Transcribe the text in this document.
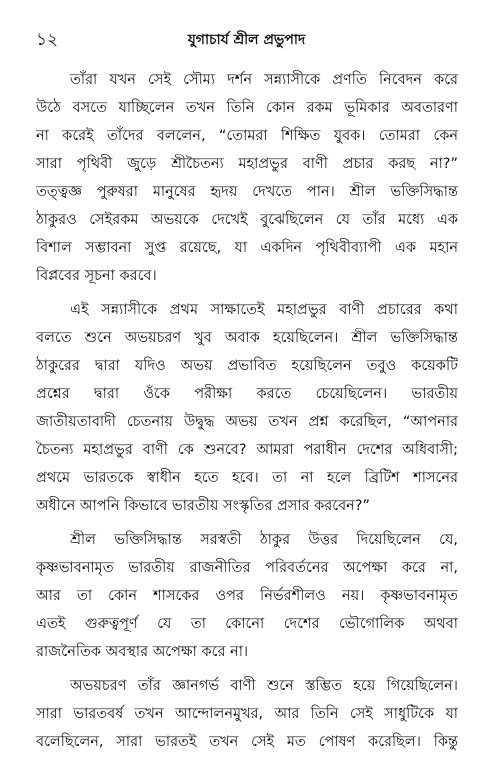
১২	যুগাচার্য শ্রীল প্রভুপাদ
তাঁরা যখন সেই সৌম্য দর্শন সন্ন্যাসীকে প্রণতি নিবেদন করে
উঠে বসতে যাচ্ছিলেন তখন তিনি কোন রকম ভূমিকার অবতারণা
না করেই তাঁদের বললেন, “তোমরা শিক্ষিত যুবক। তোমরা কেন
সারা পৃথিবী জুড়ে শ্রীচৈতন্য মহাপ্রভুর বাণী প্রচার করছ না?”
তত্ত্বজ্ঞ পুরুষরা মানুষের হৃদয় দেখতে পান। শ্রীল ভক্তিসিদ্ধান্ত
ঠাকুরও সেইরকম অভয়কে দেখেই বুঝেছিলেন যে তাঁর মধ্যে এক
বিশাল সম্ভাবনা সুপ্ত রয়েছে, যা একদিন পৃথিবীব্যাপী এক মহান
বিপ্লবের সূচনা করবে।
এই সন্ন্যাসীকে প্রথম সাক্ষাতেই মহাপ্রভুর বাণী প্রচারের কথা
বলতে শুনে অভয়চরণ খুব অবাক হয়েছিলেন। শ্রীল ভক্তিসিদ্ধান্ত
ঠাকুরের দ্বারা যদিও অভয় প্রভাবিত হয়েছিলেন তবুও কয়েকটি
প্রশ্নের দ্বারা ওঁকে পরীক্ষা করতে চেয়েছিলেন। ভারতীয়
জাতীয়তাবাদী চেতনায় উদ্বুদ্ধ অভয় তখন প্রশ্ন করেছিল, “আপনার
চৈতন্য মহাপ্রভুর বাণী কে শুনবে? আমরা পরাধীন দেশের অধিবাসী;
প্রথমে ভারতকে স্বাধীন হতে হবে। তা না হলে ব্রিটিশ শাসনের
অধীনে আপনি কিভাবে ভারতীয় সংস্কৃতির প্রসার করবেন?”
শ্রীল ভক্তিসিদ্ধান্ত সরস্বতী ঠাকুর উত্তর দিয়েছিলেন যে,
কৃষ্ণভাবনামৃত ভারতীয় রাজনীতির পরিবর্তনের অপেক্ষা করে না,
আর তা কোন শাসকের ওপর নির্ভরশীলও নয়। কৃষ্ণভাবনামৃত
এতই গুরুত্বপূর্ণ যে তা কোনো দেশের ভৌগোলিক অথবা
রাজনৈতিক অবস্থার অপেক্ষা করে না।
অভয়চরণ তাঁর জ্ঞানগর্ভ বাণী শুনে স্তম্ভিত হয়ে গিয়েছিলেন।
সারা ভারতবর্ষ তখন আন্দোলনমুখর, আর তিনি সেই সাধুটিকে যা
বলেছিলেন, সারা ভারতই তখন সেই মত পোষণ করেছিল। কিন্তু
